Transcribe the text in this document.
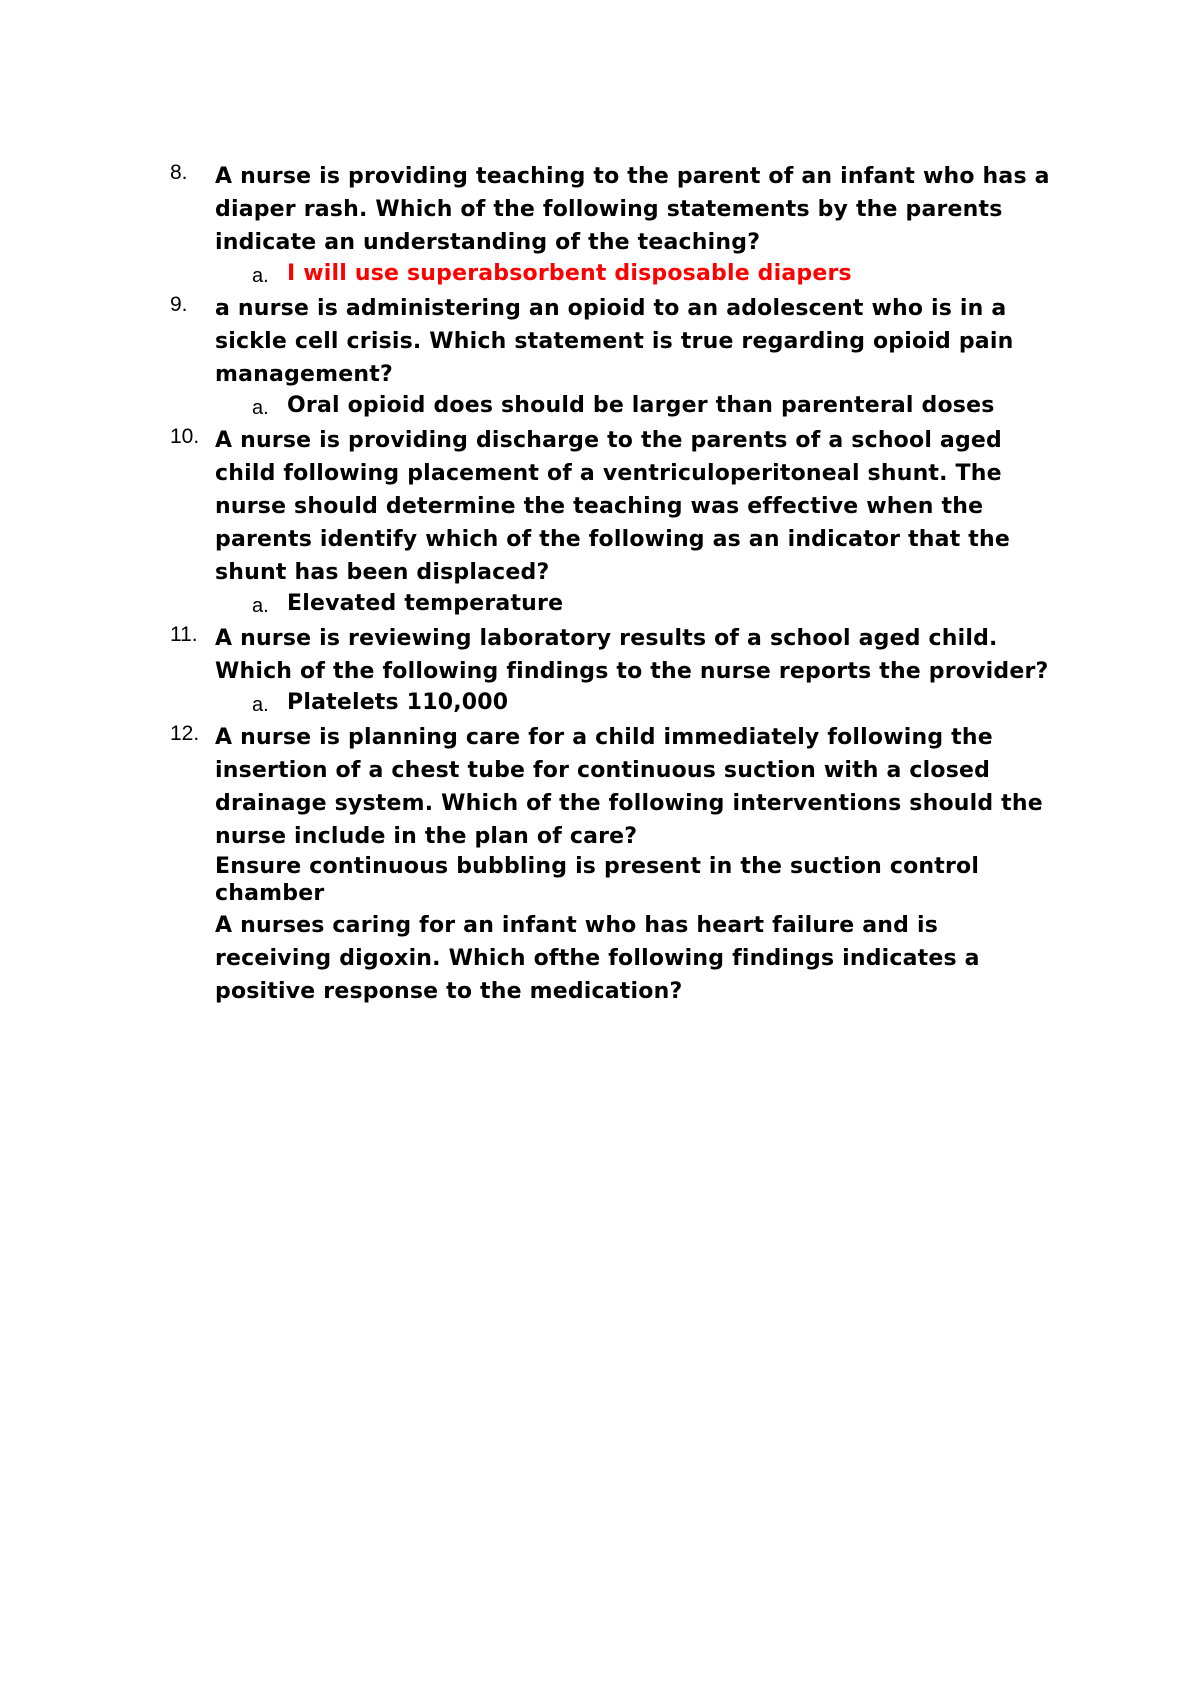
8. A nurse is providing teaching to the parent of an infant who has a diaper rash. Which of the following statements by the parents indicate an understanding of the teaching?
a. I will use superabsorbent disposable diapers
9. a nurse is administering an opioid to an adolescent who is in a sickle cell crisis. Which statement is true regarding opioid pain management?
a. Oral opioid does should be larger than parenteral doses
10. A nurse is providing discharge to the parents of a school aged child following placement of a ventriculoperitoneal shunt. The nurse should determine the teaching was effective when the parents identify which of the following as an indicator that the shunt has been displaced?
a. Elevated temperature
11. A nurse is reviewing laboratory results of a school aged child. Which of the following findings to the nurse reports the provider?
a. Platelets 110,000
12. A nurse is planning care for a child immediately following the insertion of a chest tube for continuous suction with a closed drainage system. Which of the following interventions should the nurse include in the plan of care?

Ensure continuous bubbling is present in the suction control chamber

A nurses caring for an infant who has heart failure and is receiving digoxin. Which ofthe following findings indicates a positive response to the medication?
